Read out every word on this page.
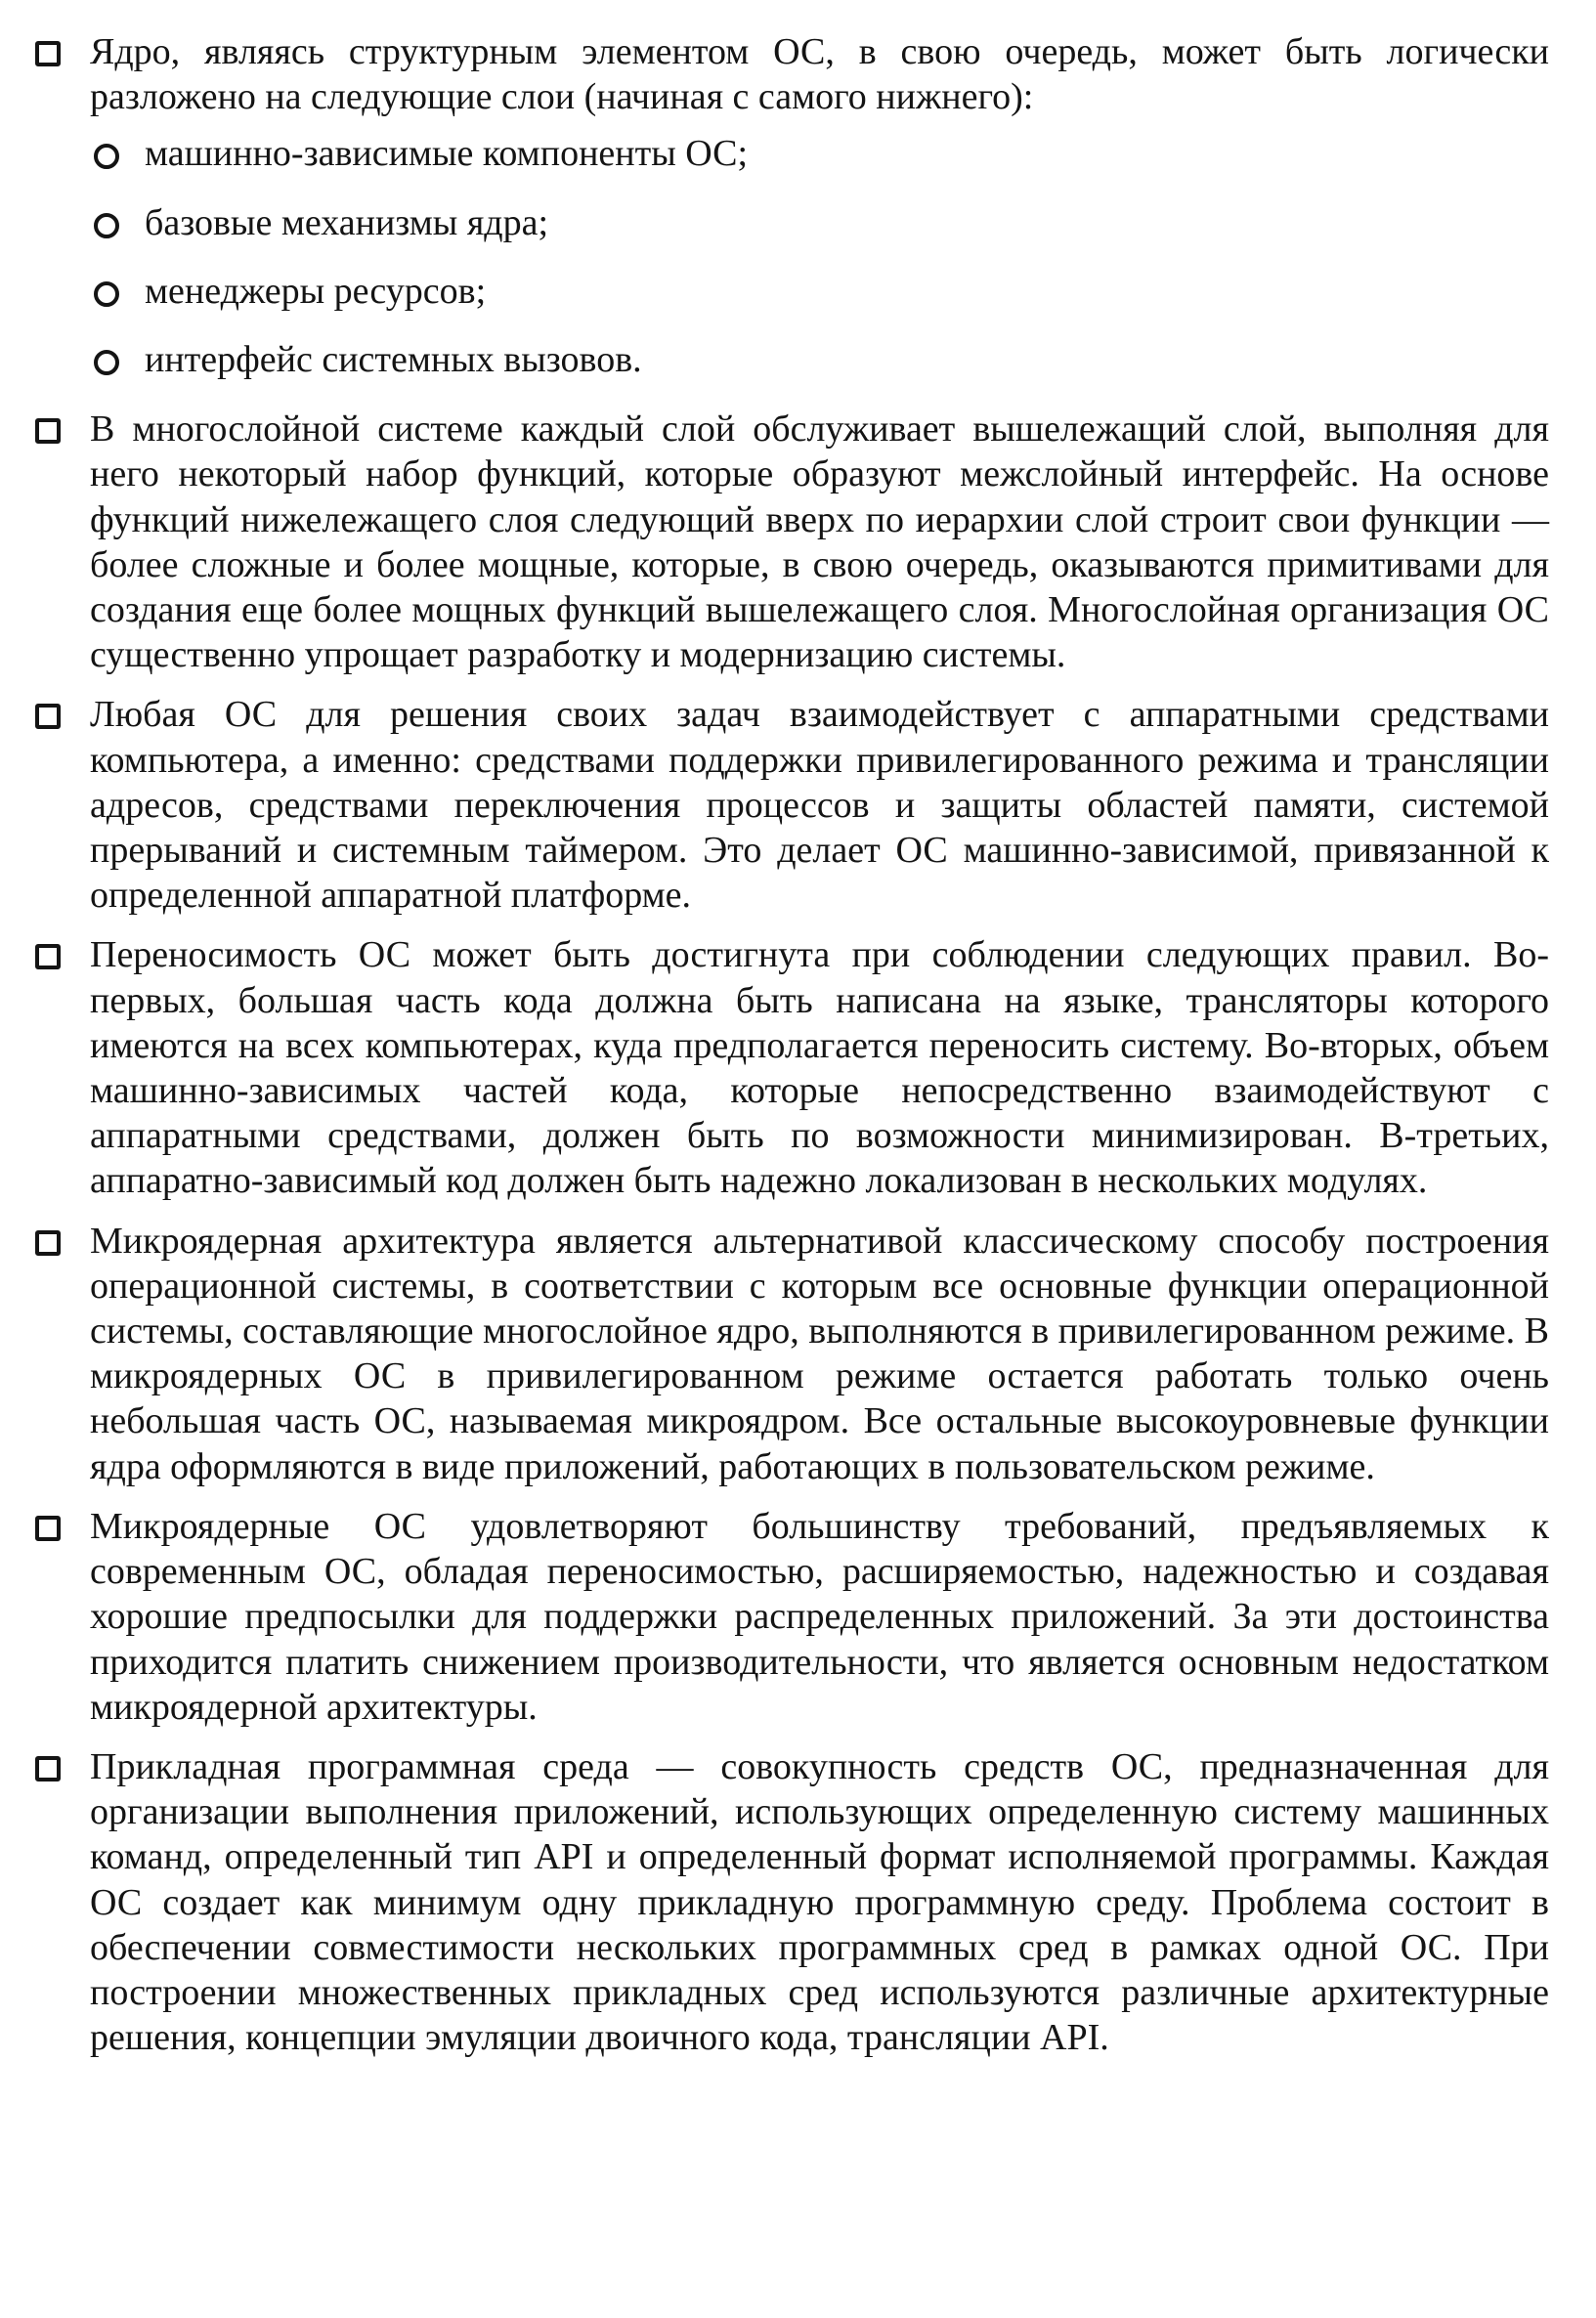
Ядро, являясь структурным элементом ОС, в свою очередь, может быть логически разложено на следующие слои (начиная с самого нижнего):
машинно-зависимые компоненты ОС;
базовые механизмы ядра;
менеджеры ресурсов;
интерфейс системных вызовов.
В многослойной системе каждый слой обслуживает вышележащий слой, выполняя для него некоторый набор функций, которые образуют межслойный интерфейс. На основе функций нижележащего слоя следующий вверх по иерархии слой строит свои функции — более сложные и более мощные, которые, в свою очередь, оказываются примитивами для создания еще более мощных функций вышележащего слоя. Многослойная организация ОС существенно упрощает разработку и модернизацию системы.
Любая ОС для решения своих задач взаимодействует с аппаратными средствами компьютера, а именно: средствами поддержки привилегированного режима и трансляции адресов, средствами переключения процессов и защиты областей памяти, системой прерываний и системным таймером. Это делает ОС машинно-зависимой, привязанной к определенной аппаратной платформе.
Переносимость ОС может быть достигнута при соблюдении следующих правил. Во-первых, большая часть кода должна быть написана на языке, трансляторы которого имеются на всех компьютерах, куда предполагается переносить систему. Во-вторых, объем машинно-зависимых частей кода, которые непосредственно взаимодействуют с аппаратными средствами, должен быть по возможности минимизирован. В-третьих, аппаратно-зависимый код должен быть надежно локализован в нескольких модулях.
Микроядерная архитектура является альтернативой классическому способу построения операционной системы, в соответствии с которым все основные функции операционной системы, составляющие многослойное ядро, выполняются в привилегированном режиме. В микроядерных ОС в привилегированном режиме остается работать только очень небольшая часть ОС, называемая микроядром. Все остальные высокоуровневые функции ядра оформляются в виде приложений, работающих в пользовательском режиме.
Микроядерные ОС удовлетворяют большинству требований, предъявляемых к современным ОС, обладая переносимостью, расширяемостью, надежностью и создавая хорошие предпосылки для поддержки распределенных приложений. За эти достоинства приходится платить снижением производительности, что является основным недостатком микроядерной архитектуры.
Прикладная программная среда — совокупность средств ОС, предназначенная для организации выполнения приложений, использующих определенную систему машинных команд, определенный тип API и определенный формат исполняемой программы. Каждая ОС создает как минимум одну прикладную программную среду. Проблема состоит в обеспечении совместимости нескольких программных сред в рамках одной ОС. При построении множественных прикладных сред используются различные архитектурные решения, концепции эмуляции двоичного кода, трансляции API.
